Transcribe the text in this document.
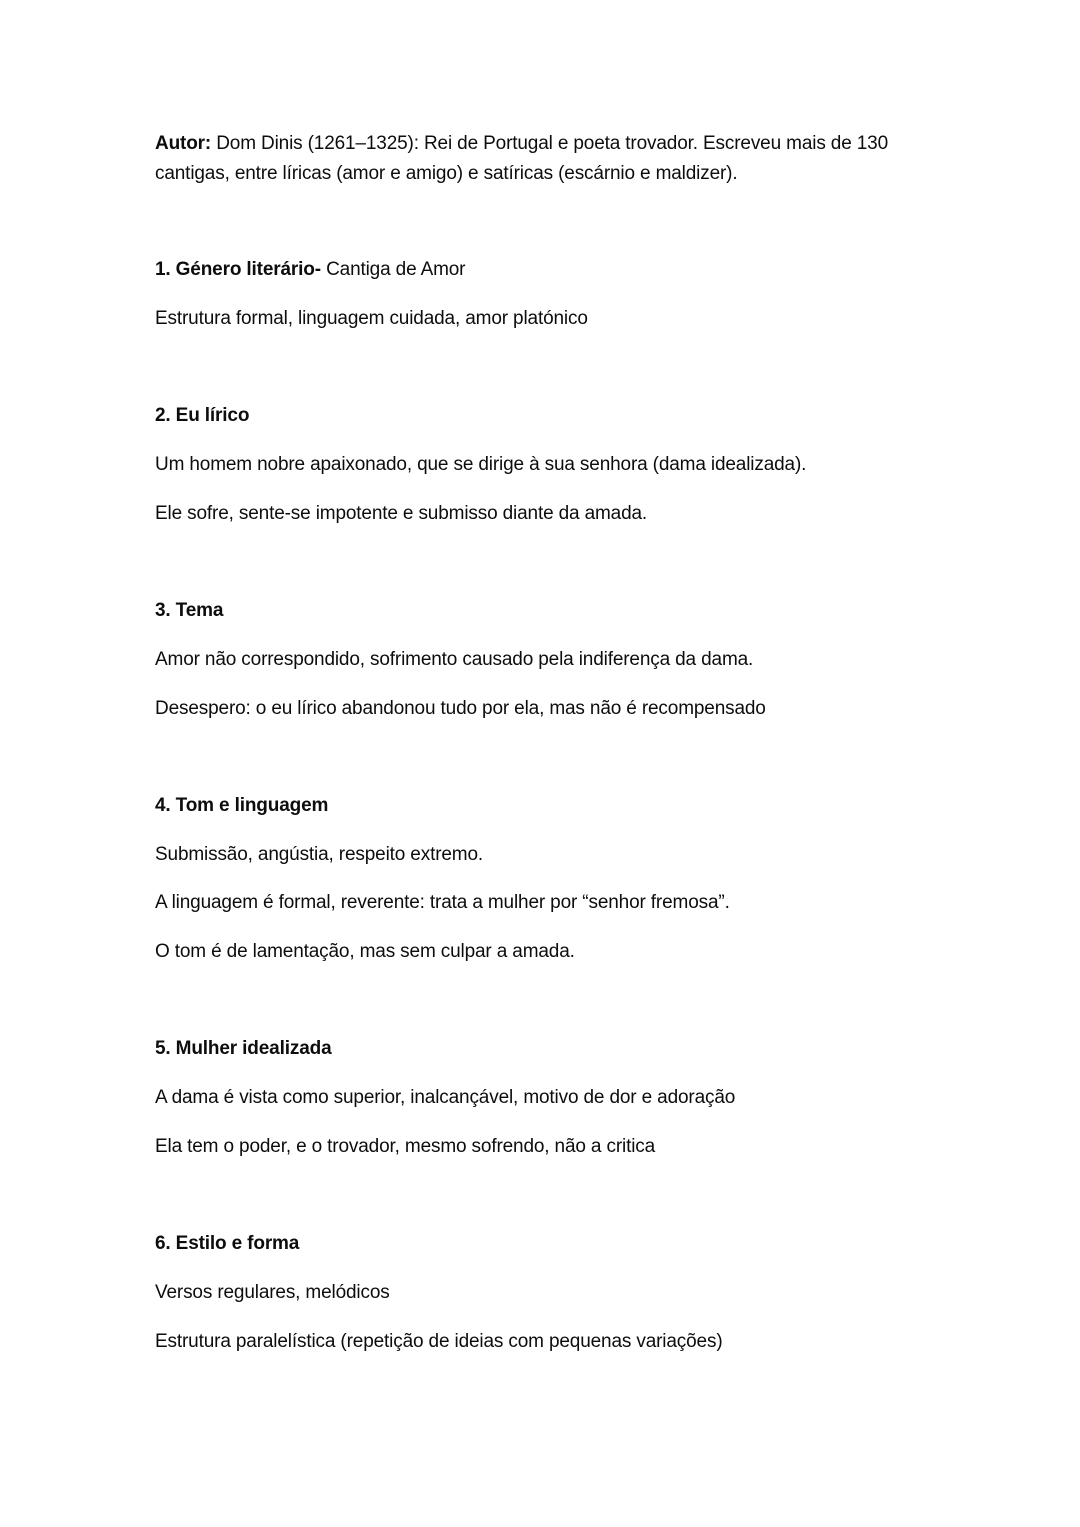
Autor: Dom Dinis (1261–1325): Rei de Portugal e poeta trovador. Escreveu mais de 130 cantigas, entre líricas (amor e amigo) e satíricas (escárnio e maldizer).
1. Género literário- Cantiga de Amor
Estrutura formal, linguagem cuidada, amor platónico
2. Eu lírico
Um homem nobre apaixonado, que se dirige à sua senhora (dama idealizada).
Ele sofre, sente-se impotente e submisso diante da amada.
3. Tema
Amor não correspondido, sofrimento causado pela indiferença da dama.
Desespero: o eu lírico abandonou tudo por ela, mas não é recompensado
4. Tom e linguagem
Submissão, angústia, respeito extremo.
A linguagem é formal, reverente: trata a mulher por “senhor fremosa”.
O tom é de lamentação, mas sem culpar a amada.
5. Mulher idealizada
A dama é vista como superior, inalcançável, motivo de dor e adoração
Ela tem o poder, e o trovador, mesmo sofrendo, não a critica
6. Estilo e forma
Versos regulares, melódicos
Estrutura paralelística (repetição de ideias com pequenas variações)
